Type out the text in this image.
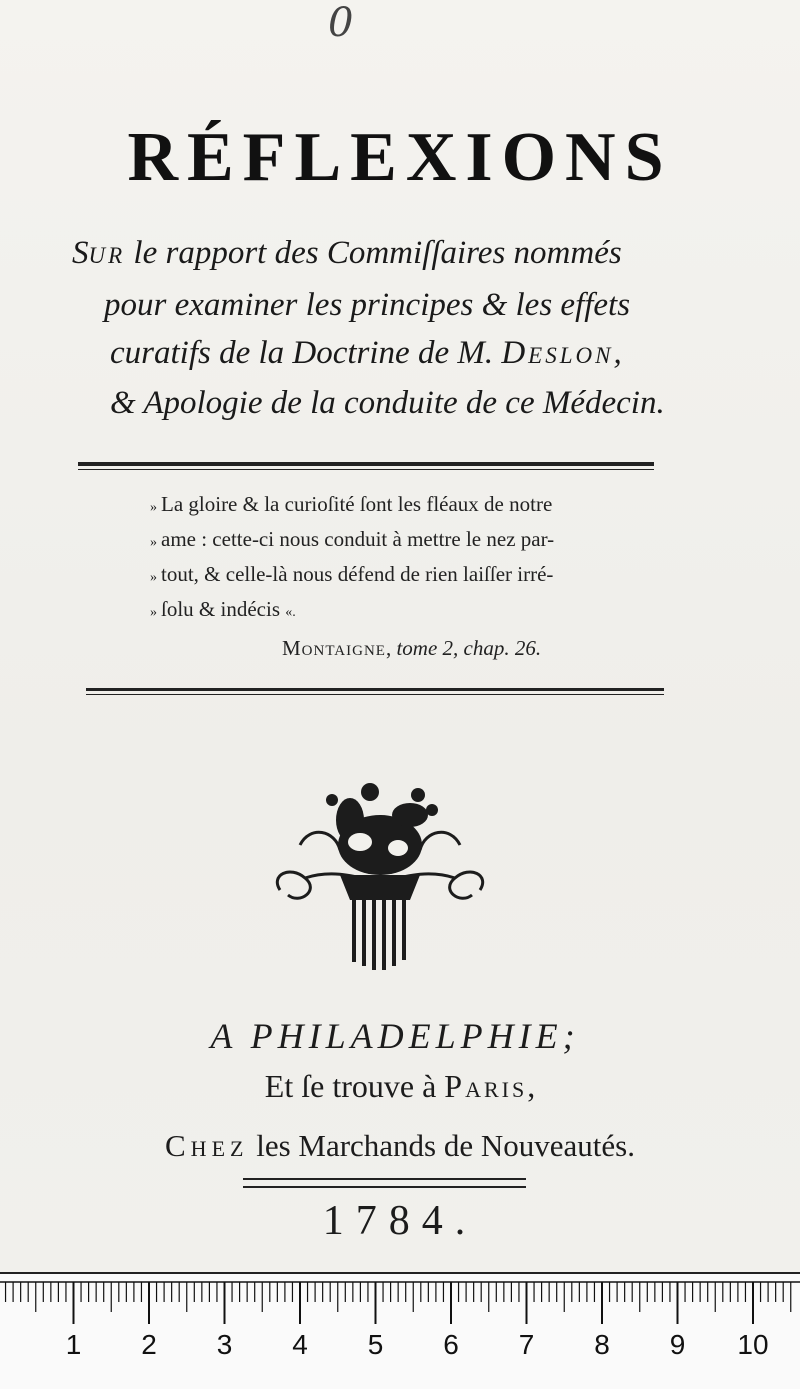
0
RÉFLEXIONS
Sur le rapport des Commiſſaires nommés
pour examiner les principes & les effets
curatifs de la Doctrine de M. Deslon,
& Apologie de la conduite de ce Médecin.
» La gloire & la curioſité ſont les fléaux de notre
» ame : cette-ci nous conduit à mettre le nez par-
» tout, & celle-là nous défend de rien laiſſer irré-
» ſolu & indécis «.
Montaigne, tome 2, chap. 26.
A PHILADELPHIE;
Et ſe trouve à Paris,
Chez les Marchands de Nouveautés.
1784.
1 2 3 4 5 6 7 8 9 10
